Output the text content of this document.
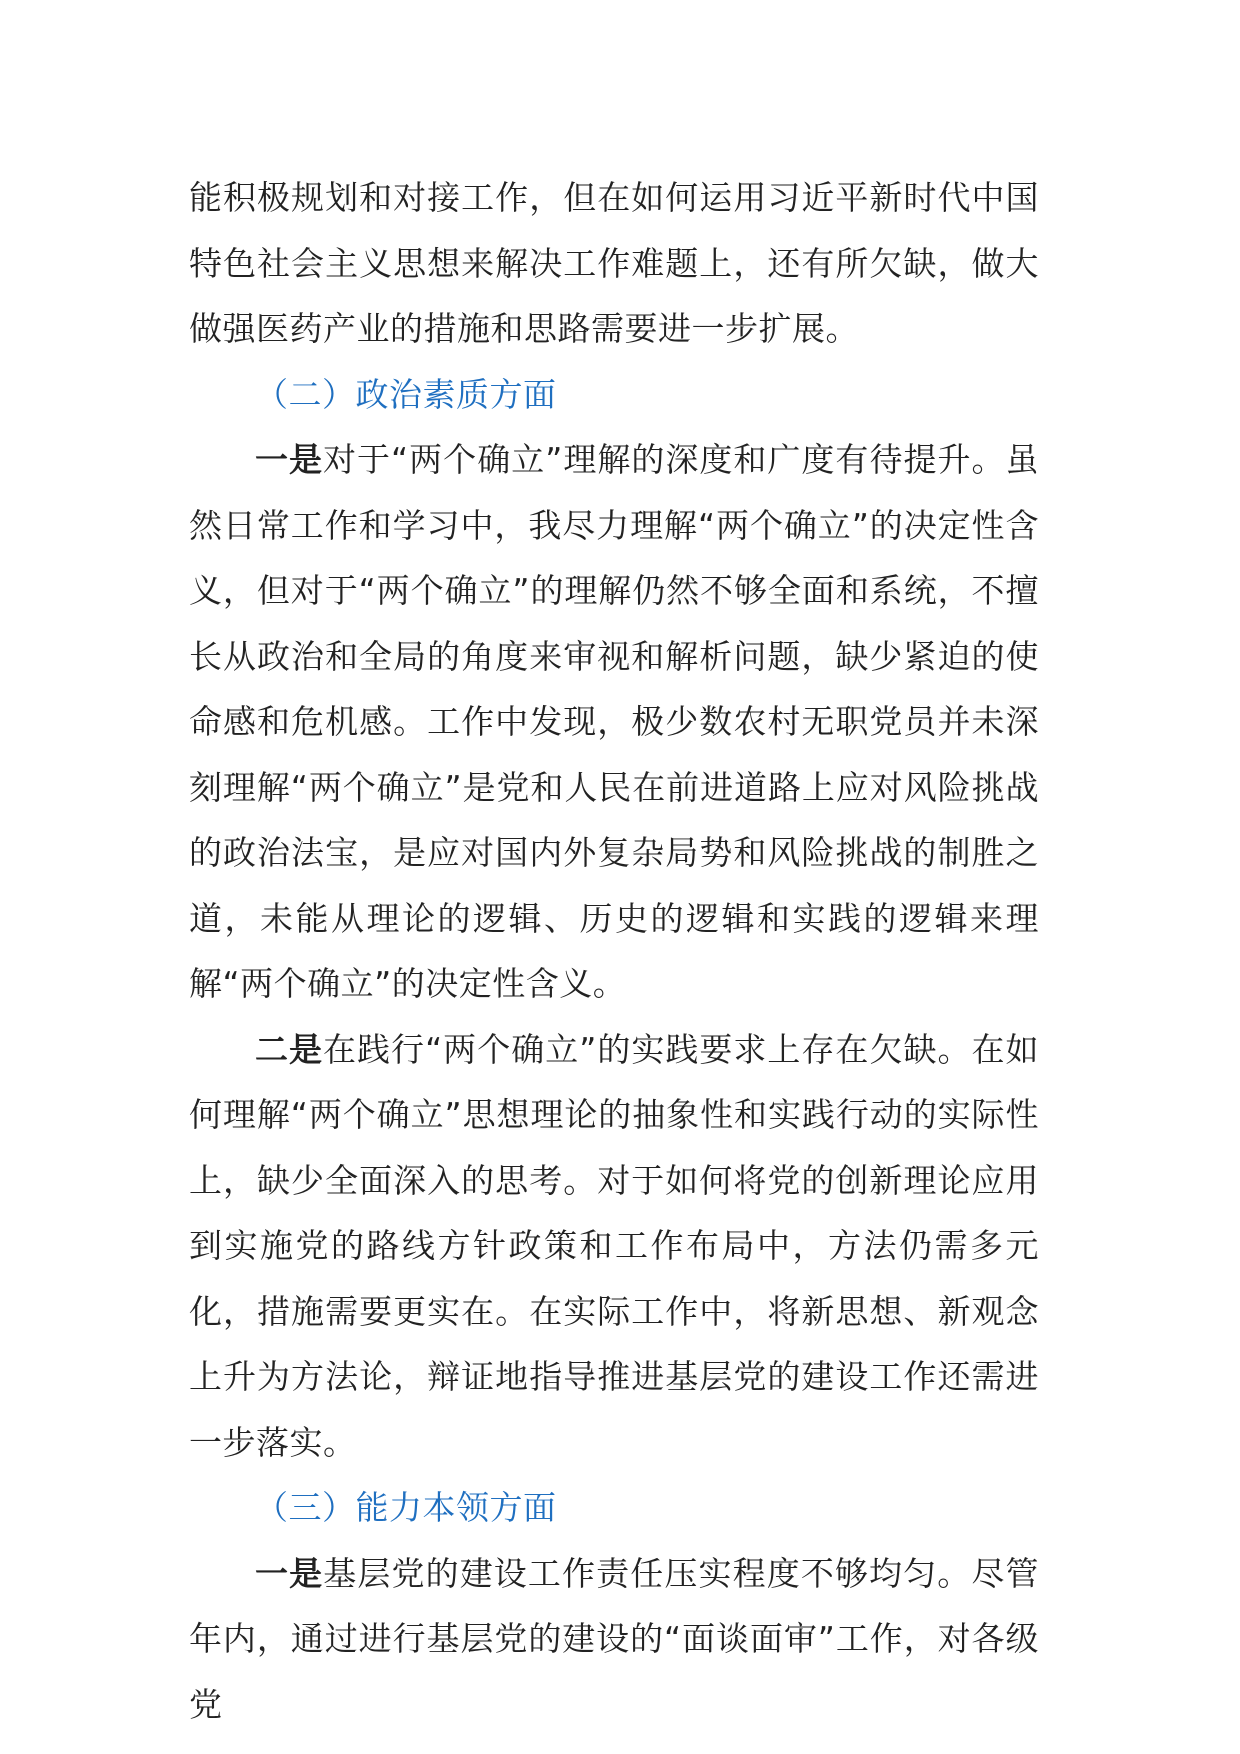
能积极规划和对接工作，但在如何运用习近平新时代中国特色社会主义思想来解决工作难题上，还有所欠缺，做大做强医药产业的措施和思路需要进一步扩展。

（二）政治素质方面

一是对于“两个确立”理解的深度和广度有待提升。虽然日常工作和学习中，我尽力理解“两个确立”的决定性含义，但对于“两个确立”的理解仍然不够全面和系统，不擅长从政治和全局的角度来审视和解析问题，缺少紧迫的使命感和危机感。工作中发现，极少数农村无职党员并未深刻理解“两个确立”是党和人民在前进道路上应对风险挑战的政治法宝，是应对国内外复杂局势和风险挑战的制胜之道，未能从理论的逻辑、历史的逻辑和实践的逻辑来理解“两个确立”的决定性含义。

二是在践行“两个确立”的实践要求上存在欠缺。在如何理解“两个确立”思想理论的抽象性和实践行动的实际性上，缺少全面深入的思考。对于如何将党的创新理论应用到实施党的路线方针政策和工作布局中，方法仍需多元化，措施需要更实在。在实际工作中，将新思想、新观念上升为方法论，辩证地指导推进基层党的建设工作还需进一步落实。

（三）能力本领方面

一是基层党的建设工作责任压实程度不够均匀。尽管年内，通过进行基层党的建设的“面谈面审”工作，对各级党
